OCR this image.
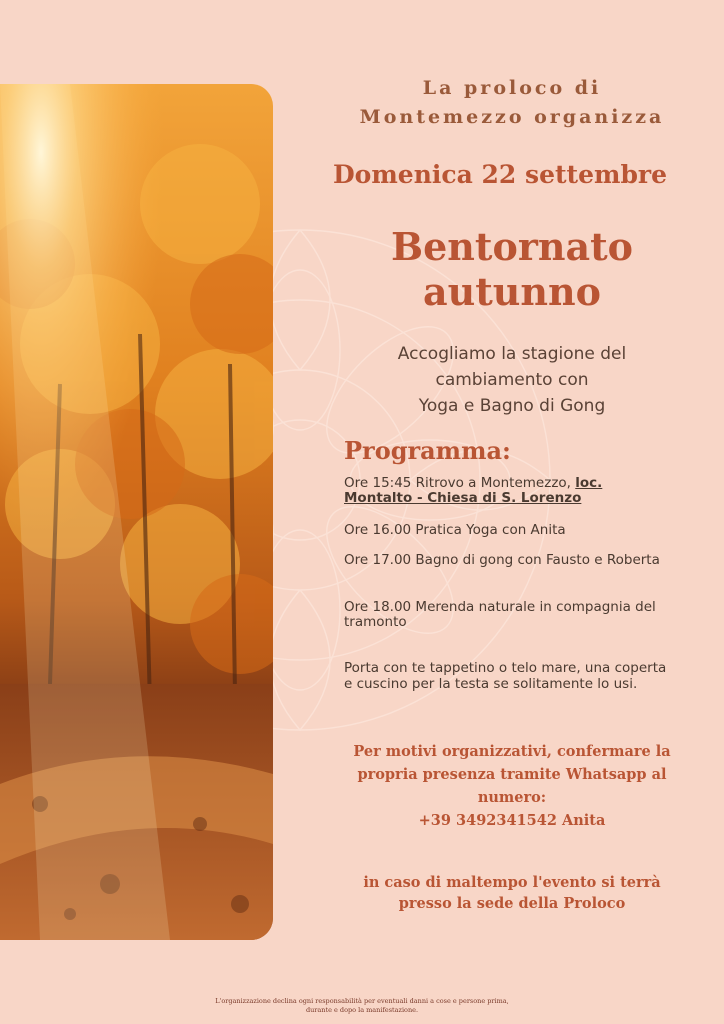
La proloco di
Montemezzo organizza
Domenica 22 settembre
Bentornato
autunno
Accogliamo la stagione del
cambiamento con
Yoga e Bagno di Gong
Programma:
Ore 15:45 Ritrovo a Montemezzo, loc. Montalto - Chiesa di S. Lorenzo
Ore 16.00 Pratica Yoga con Anita
Ore 17.00 Bagno di gong con Fausto e Roberta
Ore 18.00 Merenda naturale in compagnia del tramonto
Porta con te tappetino o telo mare, una coperta e cuscino per la testa se solitamente lo usi.
Per motivi organizzativi, confermare la
propria presenza tramite Whatsapp al
numero:
+39 3492341542 Anita
in caso di maltempo l'evento si terrà
presso la sede della Proloco
L'organizzazione declina ogni responsabilità per eventuali danni a cose e persone prima,
durante e dopo la manifestazione.
